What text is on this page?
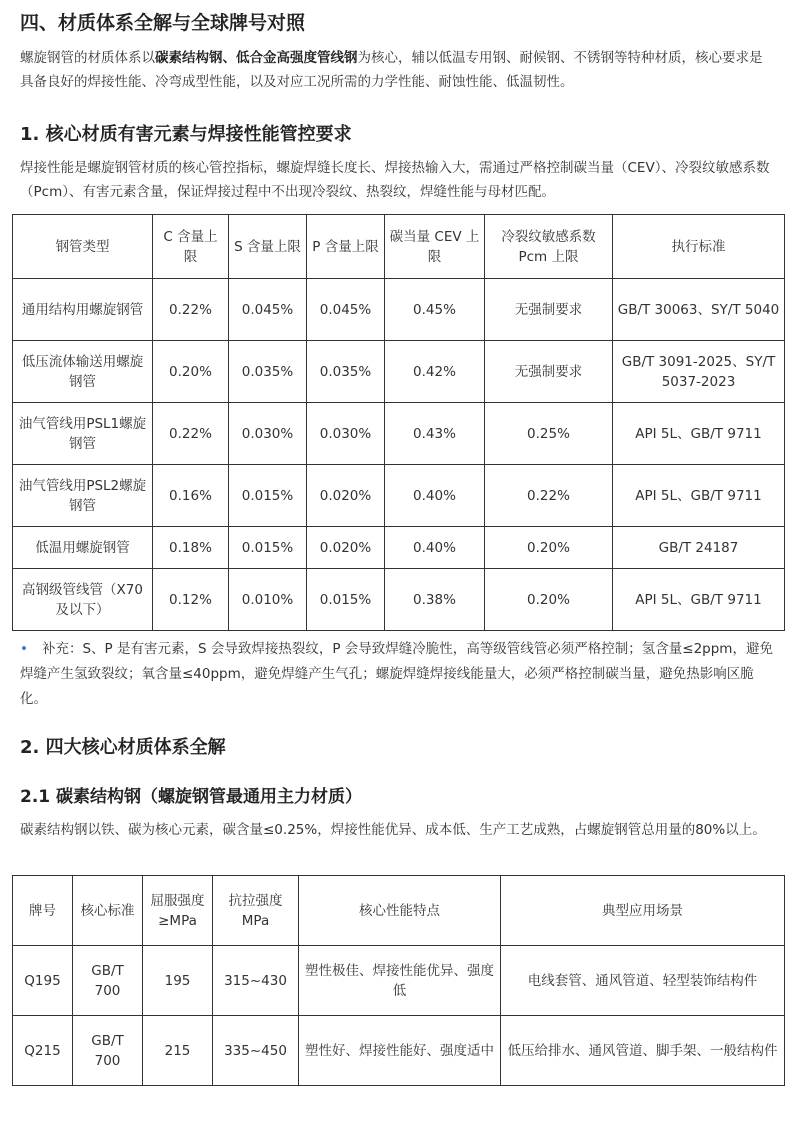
四、材质体系全解与全球牌号对照

螺旋钢管的材质体系以碳素结构钢、低合金高强度管线钢为核心，辅以低温专用钢、耐候钢、不锈钢等特种材质，核心要求是具备良好的焊接性能、冷弯成型性能，以及对应工况所需的力学性能、耐蚀性能、低温韧性。

1. 核心材质有害元素与焊接性能管控要求

焊接性能是螺旋钢管材质的核心管控指标，螺旋焊缝长度长、焊接热输入大，需通过严格控制碳当量（CEV）、冷裂纹敏感系数（Pcm）、有害元素含量，保证焊接过程中不出现冷裂纹、热裂纹，焊缝性能与母材匹配。

钢管类型	C 含量上限	S 含量上限	P 含量上限	碳当量 CEV 上限	冷裂纹敏感系数 Pcm 上限	执行标准
通用结构用螺旋钢管	0.22%	0.045%	0.045%	0.45%	无强制要求	GB/T 30063、SY/T 5040
低压流体输送用螺旋钢管	0.20%	0.035%	0.035%	0.42%	无强制要求	GB/T 3091-2025、SY/T 5037-2023
油气管线用PSL1螺旋钢管	0.22%	0.030%	0.030%	0.43%	0.25%	API 5L、GB/T 9711
油气管线用PSL2螺旋钢管	0.16%	0.015%	0.020%	0.40%	0.22%	API 5L、GB/T 9711
低温用螺旋钢管	0.18%	0.015%	0.020%	0.40%	0.20%	GB/T 24187
高钢级管线管（X70 及以下）	0.12%	0.010%	0.015%	0.38%	0.20%	API 5L、GB/T 9711

• 补充：S、P 是有害元素，S 会导致焊接热裂纹，P 会导致焊缝冷脆性，高等级管线管必须严格控制；氢含量≤2ppm，避免焊缝产生氢致裂纹；氧含量≤40ppm，避免焊缝产生气孔；螺旋焊缝焊接线能量大，必须严格控制碳当量，避免热影响区脆化。

2. 四大核心材质体系全解
2.1 碳素结构钢（螺旋钢管最通用主力材质）

碳素结构钢以铁、碳为核心元素，碳含量≤0.25%，焊接性能优异、成本低、生产工艺成熟，占螺旋钢管总用量的80%以上。

牌号	核心标准	屈服强度≥MPa	抗拉强度MPa	核心性能特点	典型应用场景
Q195	GB/T 700	195	315~430	塑性极佳、焊接性能优异、强度低	电线套管、通风管道、轻型装饰结构件
Q215	GB/T 700	215	335~450	塑性好、焊接性能好、强度适中	低压给排水、通风管道、脚手架、一般结构件
